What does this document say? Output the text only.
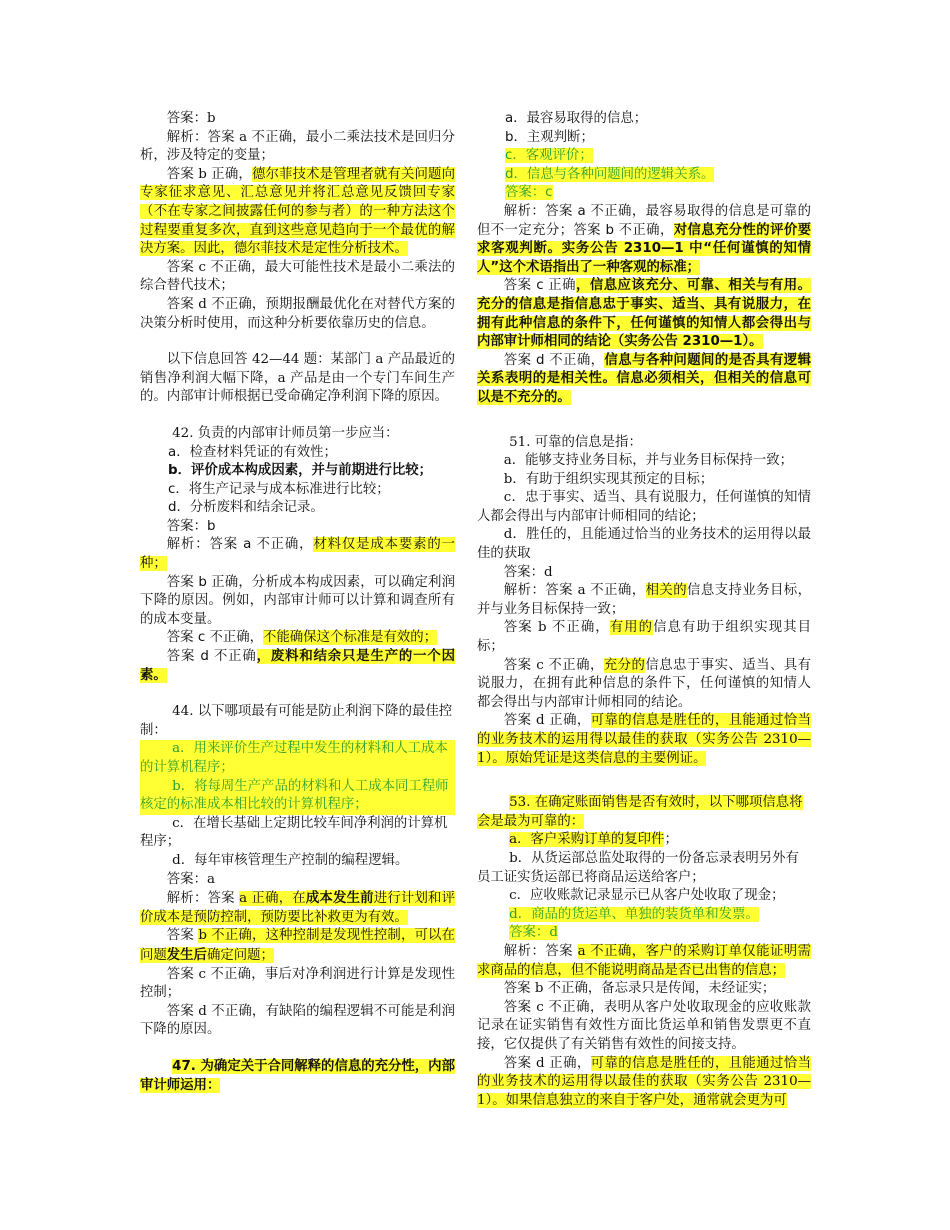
答案：b

解析：答案 a 不正确，最小二乘法技术是回归分析，涉及特定的变量；

答案 b 正确，德尔菲技术是管理者就有关问题向专家征求意见、汇总意见并将汇总意见反馈回专家（不在专家之间披露任何的参与者）的一种方法这个过程要重复多次，直到这些意见趋向于一个最优的解决方案。因此，德尔菲技术是定性分析技术。

答案 c 不正确，最大可能性技术是最小二乘法的综合替代技术；

答案 d 不正确，预期报酬最优化在对替代方案的决策分析时使用，而这种分析要依靠历史的信息。

以下信息回答 42—44 题：某部门 a 产品最近的销售净利润大幅下降，a 产品是由一个专门车间生产的。内部审计师根据已受命确定净利润下降的原因。

42. 负责的内部审计师员第一步应当：

a．检查材料凭证的有效性；

b．评价成本构成因素，并与前期进行比较；

c．将生产记录与成本标准进行比较；

d．分析废料和结余记录。

答案：b

解析：答案 a 不正确，材料仅是成本要素的一种；

答案 b 正确，分析成本构成因素，可以确定利润下降的原因。例如，内部审计师可以计算和调查所有的成本变量。

答案 c 不正确，不能确保这个标准是有效的；

答案 d 不正确，废料和结余只是生产的一个因素。

44. 以下哪项最有可能是防止利润下降的最佳控制：

a．用来评价生产过程中发生的材料和人工成本的计算机程序；

b．将每周生产产品的材料和人工成本同工程师核定的标准成本相比较的计算机程序；

c．在增长基础上定期比较车间净利润的计算机程序；

d．每年审核管理生产控制的编程逻辑。

答案：a

解析：答案 a 正确，在成本发生前进行计划和评价成本是预防控制，预防要比补救更为有效。

答案 b 不正确，这种控制是发现性控制，可以在问题发生后确定问题；

答案 c 不正确，事后对净利润进行计算是发现性控制；

答案 d 不正确，有缺陷的编程逻辑不可能是利润下降的原因。

47. 为确定关于合同解释的信息的充分性，内部审计师运用：

a．最容易取得的信息；

b．主观判断；

c．客观评价；

d．信息与各种问题间的逻辑关系。

答案：c

解析：答案 a 不正确，最容易取得的信息是可靠的但不一定充分；答案 b 不正确，对信息充分性的评价要求客观判断。实务公告 2310—1 中“任何谨慎的知情人”这个术语指出了一种客观的标准；

答案 c 正确，信息应该充分、可靠、相关与有用。充分的信息是指信息忠于事实、适当、具有说服力，在拥有此种信息的条件下，任何谨慎的知情人都会得出与内部审计师相同的结论（实务公告 2310—1）。

答案 d 不正确，信息与各种问题间的是否具有逻辑关系表明的是相关性。信息必须相关，但相关的信息可以是不充分的。

51. 可靠的信息是指：

a．能够支持业务目标，并与业务目标保持一致；

b．有助于组织实现其预定的目标；

c．忠于事实、适当、具有说服力，任何谨慎的知情人都会得出与内部审计师相同的结论；

d．胜任的，且能通过恰当的业务技术的运用得以最佳的获取

答案：d

解析：答案 a 不正确，相关的信息支持业务目标，并与业务目标保持一致；

答案 b 不正确，有用的信息有助于组织实现其目标；

答案 c 不正确，充分的信息忠于事实、适当、具有说服力，在拥有此种信息的条件下，任何谨慎的知情人都会得出与内部审计师相同的结论。

答案 d 正确，可靠的信息是胜任的，且能通过恰当的业务技术的运用得以最佳的获取（实务公告 2310—1）。原始凭证是这类信息的主要例证。

53. 在确定账面销售是否有效时，以下哪项信息将会是最为可靠的：

a．客户采购订单的复印件；

b．从货运部总监处取得的一份备忘录表明另外有员工证实货运部已将商品运送给客户；

c．应收账款记录显示已从客户处收取了现金；

d．商品的货运单、单独的装货单和发票。

答案：d

解析：答案 a 不正确，客户的采购订单仅能证明需求商品的信息，但不能说明商品是否已出售的信息；

答案 b 不正确，备忘录只是传闻，未经证实；

答案 c 不正确，表明从客户处收取现金的应收账款记录在证实销售有效性方面比货运单和销售发票更不直接，它仅提供了有关销售有效性的间接支持。

答案 d 正确，可靠的信息是胜任的，且能通过恰当的业务技术的运用得以最佳的获取（实务公告 2310—1）。如果信息独立的来自于客户处，通常就会更为可
